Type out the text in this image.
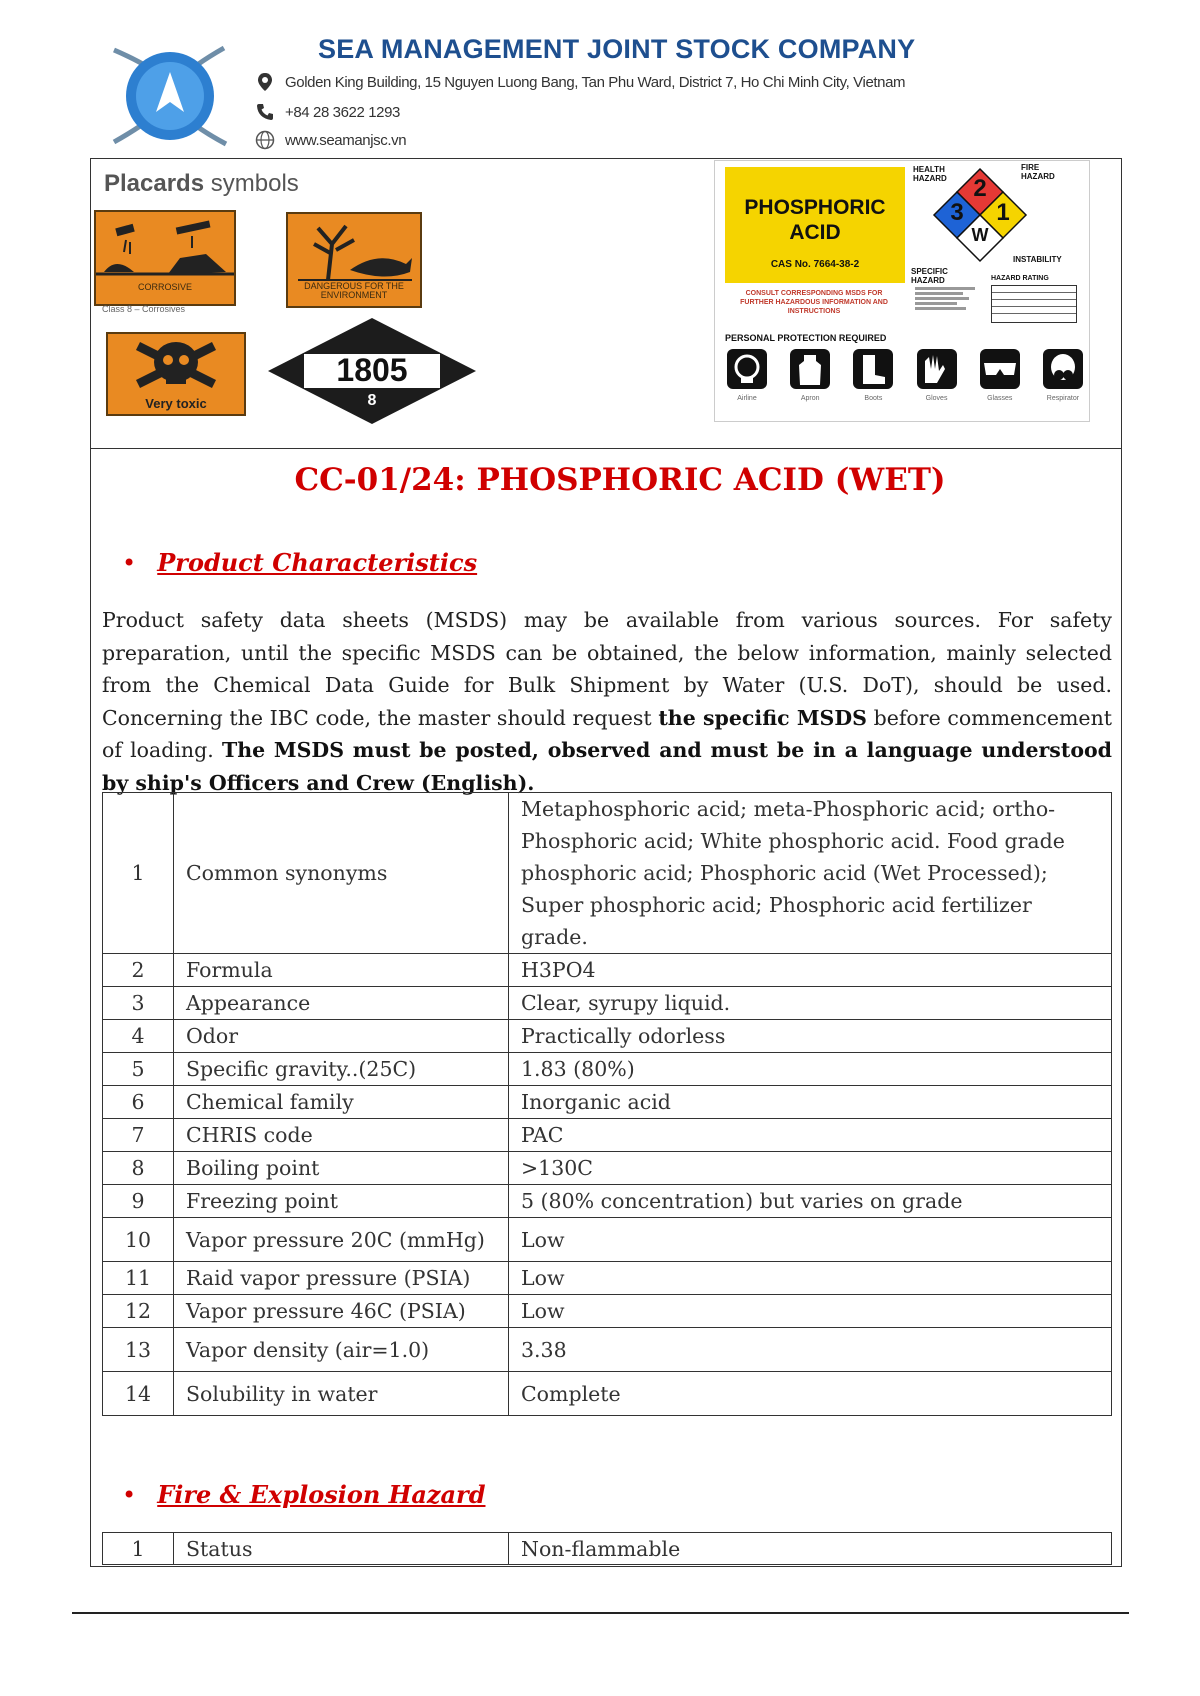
SEA MANAGEMENT JOINT STOCK COMPANY
Golden King Building, 15 Nguyen Luong Bang, Tan Phu Ward, District 7, Ho Chi Minh City, Vietnam
+84 28 3622 1293
www.seamanjsc.vn
Placards symbols
CORROSIVE
Class 8 – Corrosives
DANGEROUS FOR THE ENVIRONMENT
Very toxic
1805
8
PHOSPHORIC
ACID
CAS No. 7664-38-2
CONSULT CORRESPONDING MSDS FOR FURTHER HAZARDOUS INFORMATION AND INSTRUCTIONS
HEALTH HAZARD
FIRE HAZARD
SPECIFIC HAZARD
INSTABILITY
2
3 1
W
HAZARD RATING
PERSONAL PROTECTION REQUIRED
Airline	Apron	Boots	Gloves	Glasses	Respirator
CC-01/24: PHOSPHORIC ACID (WET)
• Product Characteristics
Product safety data sheets (MSDS) may be available from various sources. For safety preparation, until the specific MSDS can be obtained, the below information, mainly selected from the Chemical Data Guide for Bulk Shipment by Water (U.S. DoT), should be used. Concerning the IBC code, the master should request the specific MSDS before commencement of loading. The MSDS must be posted, observed and must be in a language understood by ship's Officers and Crew (English).
1	Common synonyms	Metaphosphoric acid; meta-Phosphoric acid; ortho-Phosphoric acid; White phosphoric acid. Food grade phosphoric acid; Phosphoric acid (Wet Processed); Super phosphoric acid; Phosphoric acid fertilizer grade.
2	Formula	H3PO4
3	Appearance	Clear, syrupy liquid.
4	Odor	Practically odorless
5	Specific gravity..(25C)	1.83 (80%)
6	Chemical family	Inorganic acid
7	CHRIS code	PAC
8	Boiling point	>130C
9	Freezing point	5 (80% concentration) but varies on grade
10	Vapor pressure 20C (mmHg)	Low
11	Raid vapor pressure (PSIA)	Low
12	Vapor pressure 46C (PSIA)	Low
13	Vapor density (air=1.0)	3.38
14	Solubility in water	Complete
• Fire & Explosion Hazard
1	Status	Non-flammable
